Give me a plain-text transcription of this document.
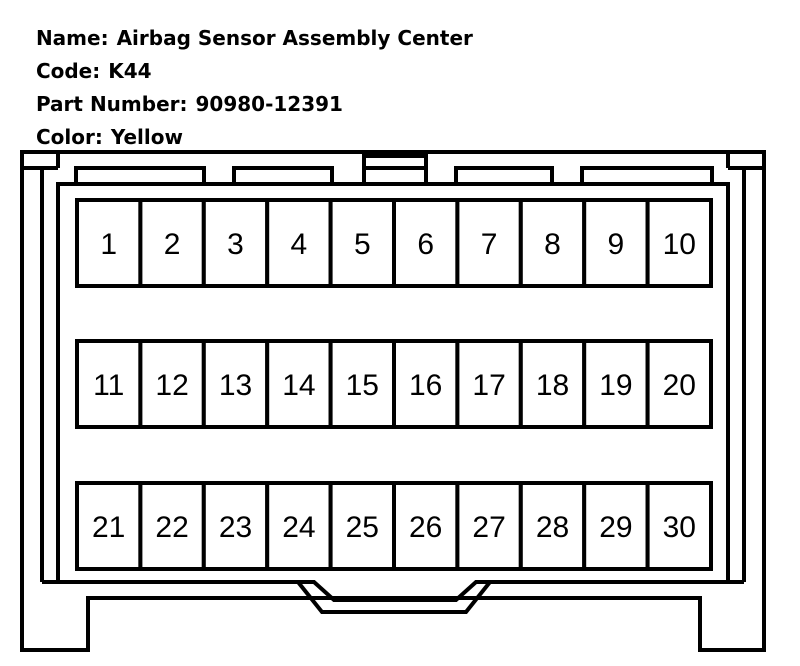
Name: Airbag Sensor Assembly Center

Code: K44

Part Number: 90980-12391

Color: Yellow

1 2 3 4 5 6 7 8 9 10
11 12 13 14 15 16 17 18 19 20
21 22 23 24 25 26 27 28 29 30
